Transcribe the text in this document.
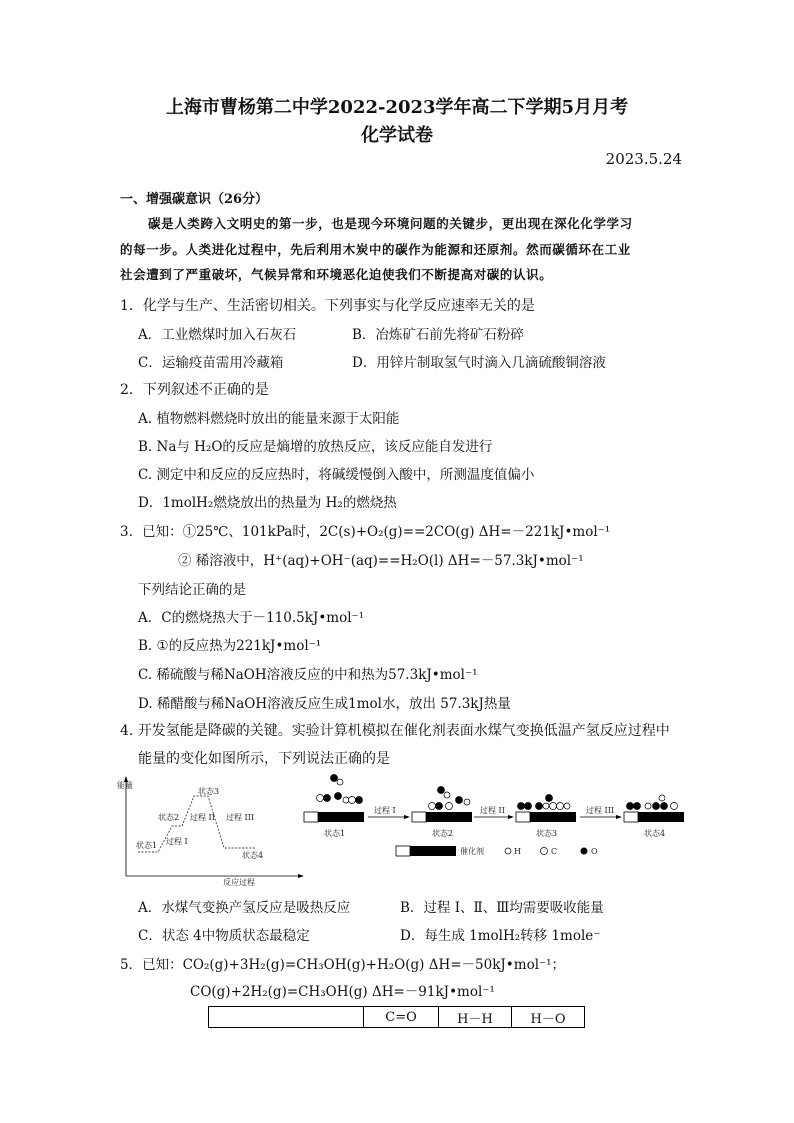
上海市曹杨第二中学2022-2023学年高二下学期5月月考
化学试卷
2023.5.24
一、增强碳意识（26分）
碳是人类跨入文明史的第一步，也是现今环境问题的关键步，更出现在深化化学学习
的每一步。人类进化过程中，先后利用木炭中的碳作为能源和还原剂。然而碳循环在工业
社会遭到了严重破坏，气候异常和环境恶化迫使我们不断提高对碳的认识。
1．化学与生产、生活密切相关。下列事实与化学反应速率无关的是
A．工业燃煤时加入石灰石	B．冶炼矿石前先将矿石粉碎
C．运输疫苗需用冷藏箱	D．用锌片制取氢气时滴入几滴硫酸铜溶液
2．下列叙述不正确的是
A. 植物燃料燃烧时放出的能量来源于太阳能
B. Na与 H₂O的反应是熵增的放热反应，该反应能自发进行
C. 测定中和反应的反应热时，将碱缓慢倒入酸中，所测温度值偏小
D．1molH₂燃烧放出的热量为 H₂的燃烧热
3．已知：①25℃、101kPa时，2C(s)+O₂(g)==2CO(g) ΔH=－221kJ•mol⁻¹
② 稀溶液中，H⁺(aq)+OH⁻(aq)==H₂O(l) ΔH=－57.3kJ•mol⁻¹
下列结论正确的是
A．C的燃烧热大于－110.5kJ•mol⁻¹
B. ①的反应热为221kJ•mol⁻¹
C. 稀硫酸与稀NaOH溶液反应的中和热为57.3kJ•mol⁻¹
D. 稀醋酸与稀NaOH溶液反应生成1mol水，放出 57.3kJ热量
4. 开发氢能是降碳的关键。实验计算机模拟在催化剂表面水煤气变换低温产氢反应过程中
能量的变化如图所示，下列说法正确的是
能量
反应过程
状态1
状态2
状态3
状态4
过程 I
过程 II 过程 III
过程 I	过程 II	过程 III
状态1	状态2	状态3	状态4
催化剂	H	C	O
A．水煤气变换产氢反应是吸热反应	B．过程 Ⅰ、Ⅱ、Ⅲ均需要吸收能量
C．状态 4中物质状态最稳定	D．每生成 1molH₂转移 1mole⁻
5．已知：CO₂(g)+3H₂(g)=CH₃OH(g)+H₂O(g) ΔH=－50kJ•mol⁻¹；
CO(g)+2H₂(g)=CH₃OH(g) ΔH=－91kJ•mol⁻¹
	C=O	H－H	H－O
